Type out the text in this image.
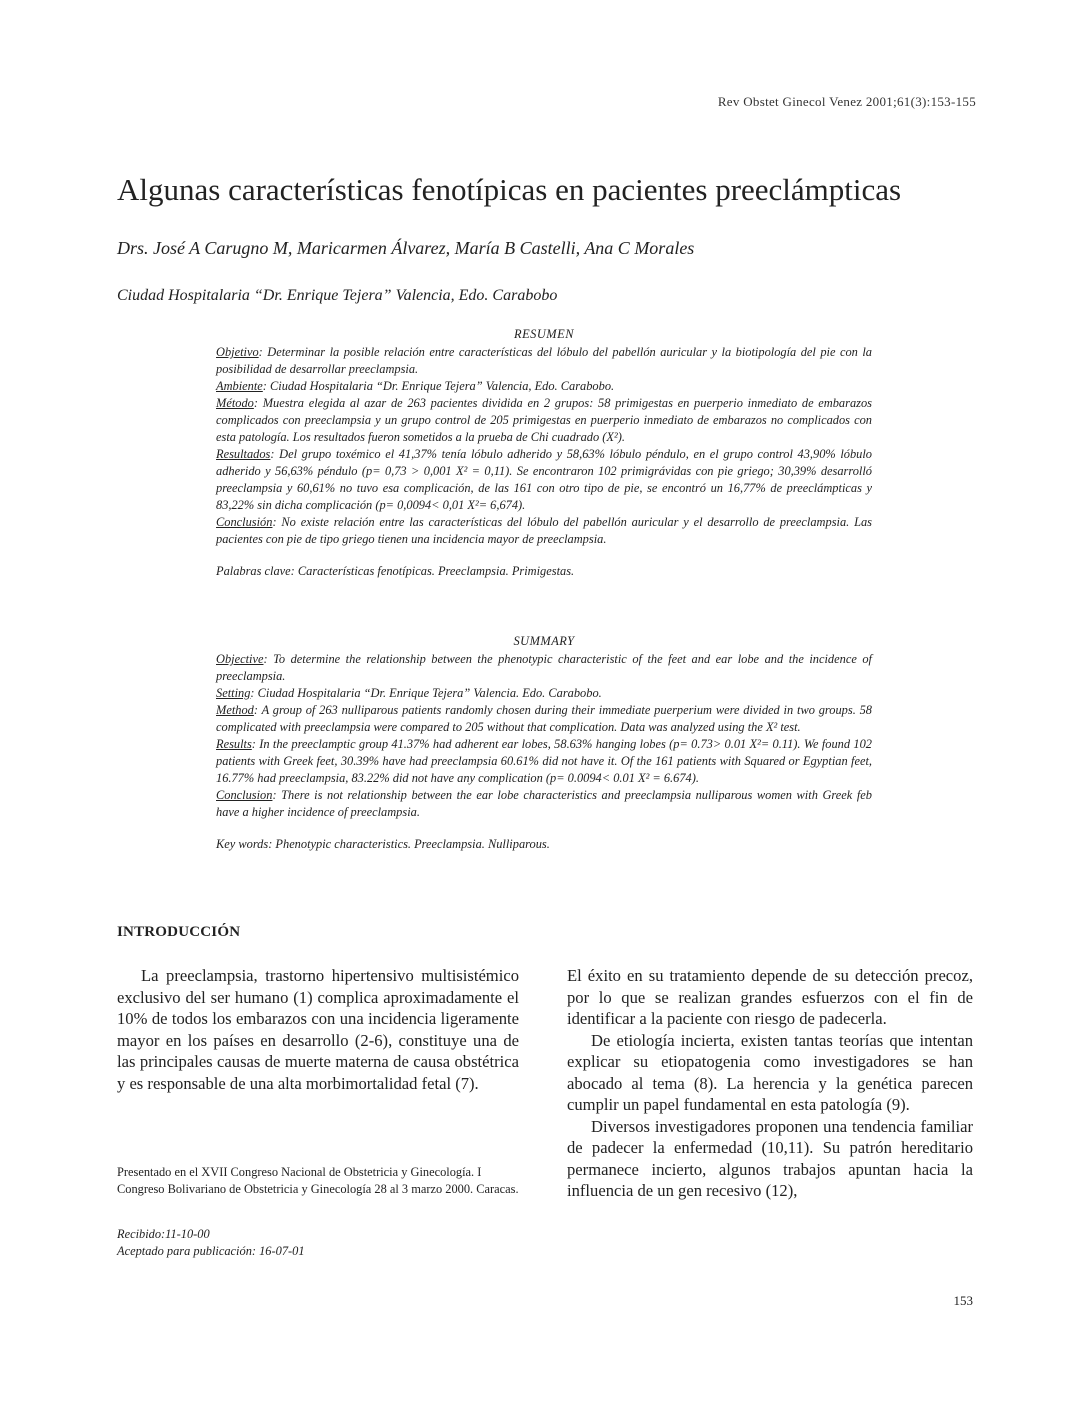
Rev Obstet Ginecol Venez 2001;61(3):153-155
Algunas características fenotípicas en pacientes preeclámpticas
Drs. José A Carugno M, Maricarmen Álvarez, María B Castelli, Ana C Morales
Ciudad Hospitalaria “Dr. Enrique Tejera” Valencia, Edo. Carabobo
RESUMEN

Objetivo: Determinar la posible relación entre características del lóbulo del pabellón auricular y la biotipología del pie con la posibilidad de desarrollar preeclampsia.

Ambiente: Ciudad Hospitalaria “Dr. Enrique Tejera” Valencia, Edo. Carabobo.

Método: Muestra elegida al azar de 263 pacientes dividida en 2 grupos: 58 primigestas en puerperio inmediato de embarazos complicados con preeclampsia y un grupo control de 205 primigestas en puerperio inmediato de embarazos no complicados con esta patología. Los resultados fueron sometidos a la prueba de Chi cuadrado (X²).

Resultados: Del grupo toxémico el 41,37% tenía lóbulo adherido y 58,63% lóbulo péndulo, en el grupo control 43,90% lóbulo adherido y 56,63% péndulo (p= 0,73 > 0,001 X² = 0,11). Se encontraron 102 primigrávidas con pie griego; 30,39% desarrolló preeclampsia y 60,61% no tuvo esa complicación, de las 161 con otro tipo de pie, se encontró un 16,77% de preeclámpticas y 83,22% sin dicha complicación (p= 0,0094< 0,01 X²= 6,674).

Conclusión: No existe relación entre las características del lóbulo del pabellón auricular y el desarrollo de preeclampsia. Las pacientes con pie de tipo griego tienen una incidencia mayor de preeclampsia.

Palabras clave: Características fenotípicas. Preeclampsia. Primigestas.

SUMMARY

Objective: To determine the relationship between the phenotypic characteristic of the feet and ear lobe and the incidence of preeclampsia.

Setting: Ciudad Hospitalaria “Dr. Enrique Tejera” Valencia. Edo. Carabobo.

Method: A group of 263 nulliparous patients randomly chosen during their immediate puerperium were divided in two groups. 58 complicated with preeclampsia were compared to 205 without that complication. Data was analyzed using the X² test.

Results: In the preeclamptic group 41.37% had adherent ear lobes, 58.63% hanging lobes (p= 0.73> 0.01 X²= 0.11). We found 102 patients with Greek feet, 30.39% have had preeclampsia 60.61% did not have it. Of the 161 patients with Squared or Egyptian feet, 16.77% had preeclampsia, 83.22% did not have any complication (p= 0.0094< 0.01 X² = 6.674).

Conclusion: There is not relationship between the ear lobe characteristics and preeclampsia nulliparous women with Greek feb have a higher incidence of preeclampsia.

Key words: Phenotypic characteristics. Preeclampsia. Nulliparous.

INTRODUCCIÓN

La preeclampsia, trastorno hipertensivo multisistémico exclusivo del ser humano (1) complica aproximadamente el 10% de todos los embarazos con una incidencia ligeramente mayor en los países en desarrollo (2-6), constituye una de las principales causas de muerte materna de causa obstétrica y es responsable de una alta morbimortalidad fetal (7).

El éxito en su tratamiento depende de su detección precoz, por lo que se realizan grandes esfuerzos con el fin de identificar a la paciente con riesgo de padecerla.

De etiología incierta, existen tantas teorías que intentan explicar su etiopatogenia como investigadores se han abocado al tema (8). La herencia y la genética parecen cumplir un papel fundamental en esta patología (9).

Diversos investigadores proponen una tendencia familiar de padecer la enfermedad (10,11). Su patrón hereditario permanece incierto, algunos trabajos apuntan hacia la influencia de un gen recesivo (12),

Presentado en el XVII Congreso Nacional de Obstetricia y Ginecología. I Congreso Bolivariano de Obstetricia y Ginecología 28 al 3 marzo 2000. Caracas.
Recibido:11-10-00
Aceptado para publicación: 16-07-01
153
